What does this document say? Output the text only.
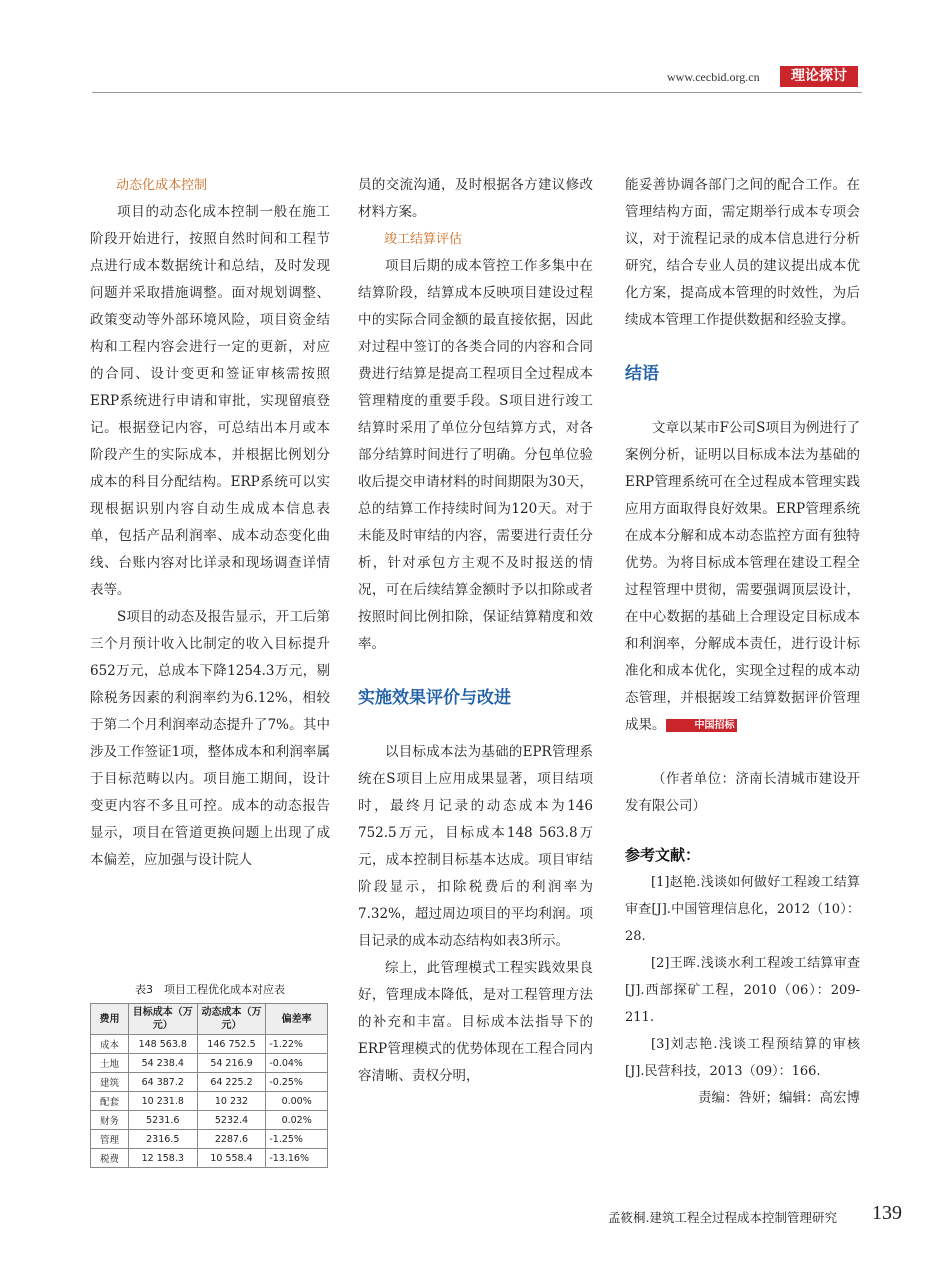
www.cecbid.org.cn	理论探讨

动态化成本控制

项目的动态化成本控制一般在施工阶段开始进行，按照自然时间和工程节点进行成本数据统计和总结，及时发现问题并采取措施调整。面对规划调整、政策变动等外部环境风险，项目资金结构和工程内容会进行一定的更新，对应的合同、设计变更和签证审核需按照ERP系统进行申请和审批，实现留痕登记。根据登记内容，可总结出本月或本阶段产生的实际成本，并根据比例划分成本的科目分配结构。ERP系统可以实现根据识别内容自动生成成本信息表单，包括产品利润率、成本动态变化曲线、台账内容对比详录和现场调查详情表等。

S项目的动态及报告显示，开工后第三个月预计收入比制定的收入目标提升652万元，总成本下降1254.3万元，剔除税务因素的利润率约为6.12%，相较于第二个月利润率动态提升了7%。其中涉及工作签证1项，整体成本和利润率属于目标范畴以内。项目施工期间，设计变更内容不多且可控。成本的动态报告显示，项目在管道更换问题上出现了成本偏差，应加强与设计院人

表3　项目工程优化成本对应表
费用	目标成本（万元）	动态成本（万元）	偏差率
成本	148 563.8	146 752.5	-1.22%
土地	54 238.4	54 216.9	-0.04%
建筑	64 387.2	64 225.2	-0.25%
配套	10 231.8	10 232	0.00%
财务	5231.6	5232.4	0.02%
管理	2316.5	2287.6	-1.25%
税费	12 158.3	10 558.4	-13.16%

员的交流沟通，及时根据各方建议修改材料方案。

竣工结算评估

项目后期的成本管控工作多集中在结算阶段，结算成本反映项目建设过程中的实际合同金额的最直接依据，因此对过程中签订的各类合同的内容和合同费进行结算是提高工程项目全过程成本管理精度的重要手段。S项目进行竣工结算时采用了单位分包结算方式，对各部分结算时间进行了明确。分包单位验收后提交申请材料的时间期限为30天，总的结算工作持续时间为120天。对于未能及时审结的内容，需要进行责任分析，针对承包方主观不及时报送的情况，可在后续结算金额时予以扣除或者按照时间比例扣除，保证结算精度和效率。

实施效果评价与改进

以目标成本法为基础的EPR管理系统在S项目上应用成果显著，项目结项时，最终月记录的动态成本为146 752.5万元，目标成本148 563.8万元，成本控制目标基本达成。项目审结阶段显示，扣除税费后的利润率为7.32%，超过周边项目的平均利润。项目记录的成本动态结构如表3所示。

综上，此管理模式工程实践效果良好，管理成本降低，是对工程管理方法的补充和丰富。目标成本法指导下的ERP管理模式的优势体现在工程合同内容清晰、责权分明，

能妥善协调各部门之间的配合工作。在管理结构方面，需定期举行成本专项会议，对于流程记录的成本信息进行分析研究，结合专业人员的建议提出成本优化方案，提高成本管理的时效性，为后续成本管理工作提供数据和经验支撑。

结语

文章以某市F公司S项目为例进行了案例分析，证明以目标成本法为基础的ERP管理系统可在全过程成本管理实践应用方面取得良好效果。ERP管理系统在成本分解和成本动态监控方面有独特优势。为将目标成本管理在建设工程全过程管理中贯彻，需要强调顶层设计，在中心数据的基础上合理设定目标成本和利润率，分解成本责任，进行设计标准化和成本优化，实现全过程的成本动态管理，并根据竣工结算数据评价管理成果。	中国招标

（作者单位：济南长清城市建设开发有限公司）

参考文献：

[1]赵艳.浅谈如何做好工程竣工结算审查[J].中国管理信息化，2012（10）：28.

[2]王晖.浅谈水利工程竣工结算审查[J].西部探矿工程，2010（06）：209-211.

[3]刘志艳.浅谈工程预结算的审核[J].民营科技，2013（09）：166.

责编：咎妍；编辑：高宏博

孟筱桐.建筑工程全过程成本控制管理研究 139
